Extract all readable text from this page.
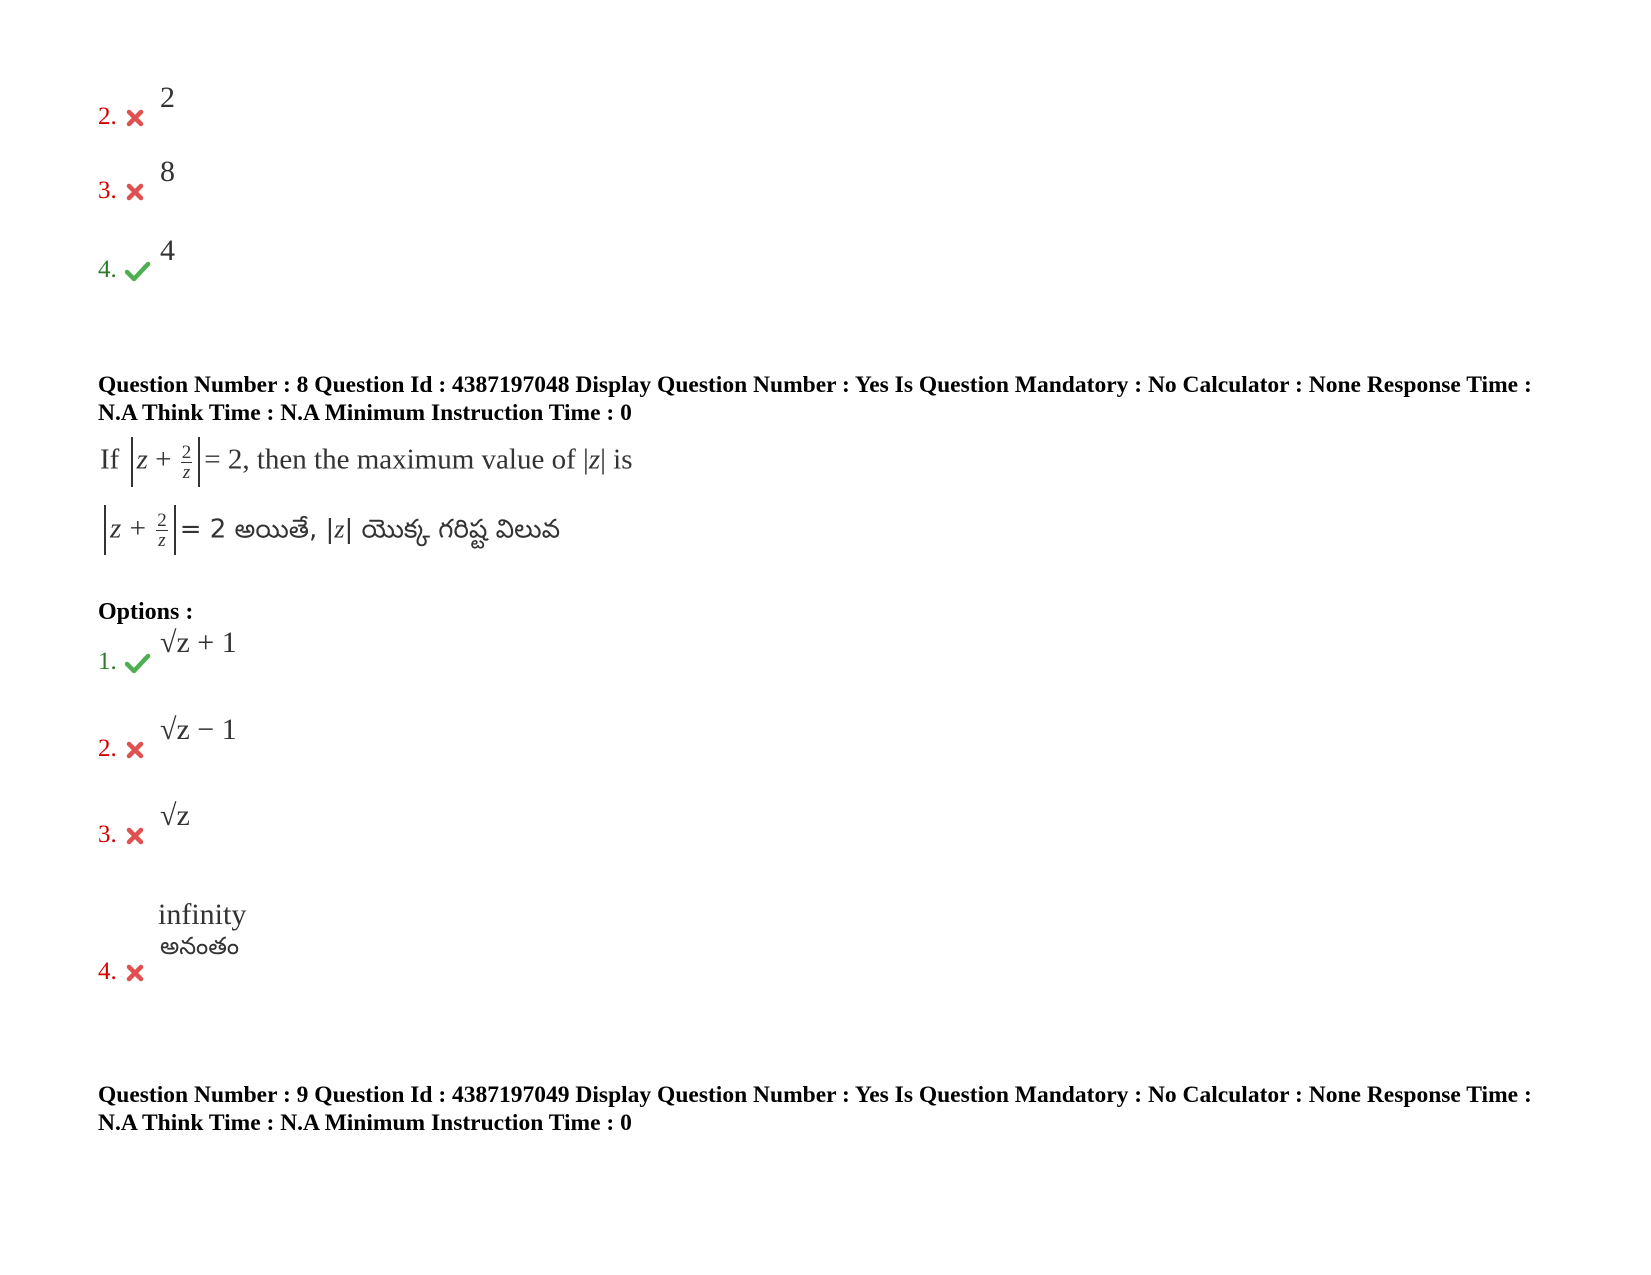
2.
2
3.
8
4.
4
Question Number : 8 Question Id : 4387197048 Display Question Number : Yes Is Question Mandatory : No Calculator : None Response Time : N.A Think Time : N.A Minimum Instruction Time : 0
If $z + \frac{2}{z} = 2$, then the maximum value of |z| is
$z + \frac{2}{z} = 2$ అయితే, |z| యొక్క గరిష్ట విలువ
Options :
1.
√z + 1
2.
√z − 1
3.
√z
infinity
4.
అనంతం
Question Number : 9 Question Id : 4387197049 Display Question Number : Yes Is Question Mandatory : No Calculator : None Response Time : N.A Think Time : N.A Minimum Instruction Time : 0
